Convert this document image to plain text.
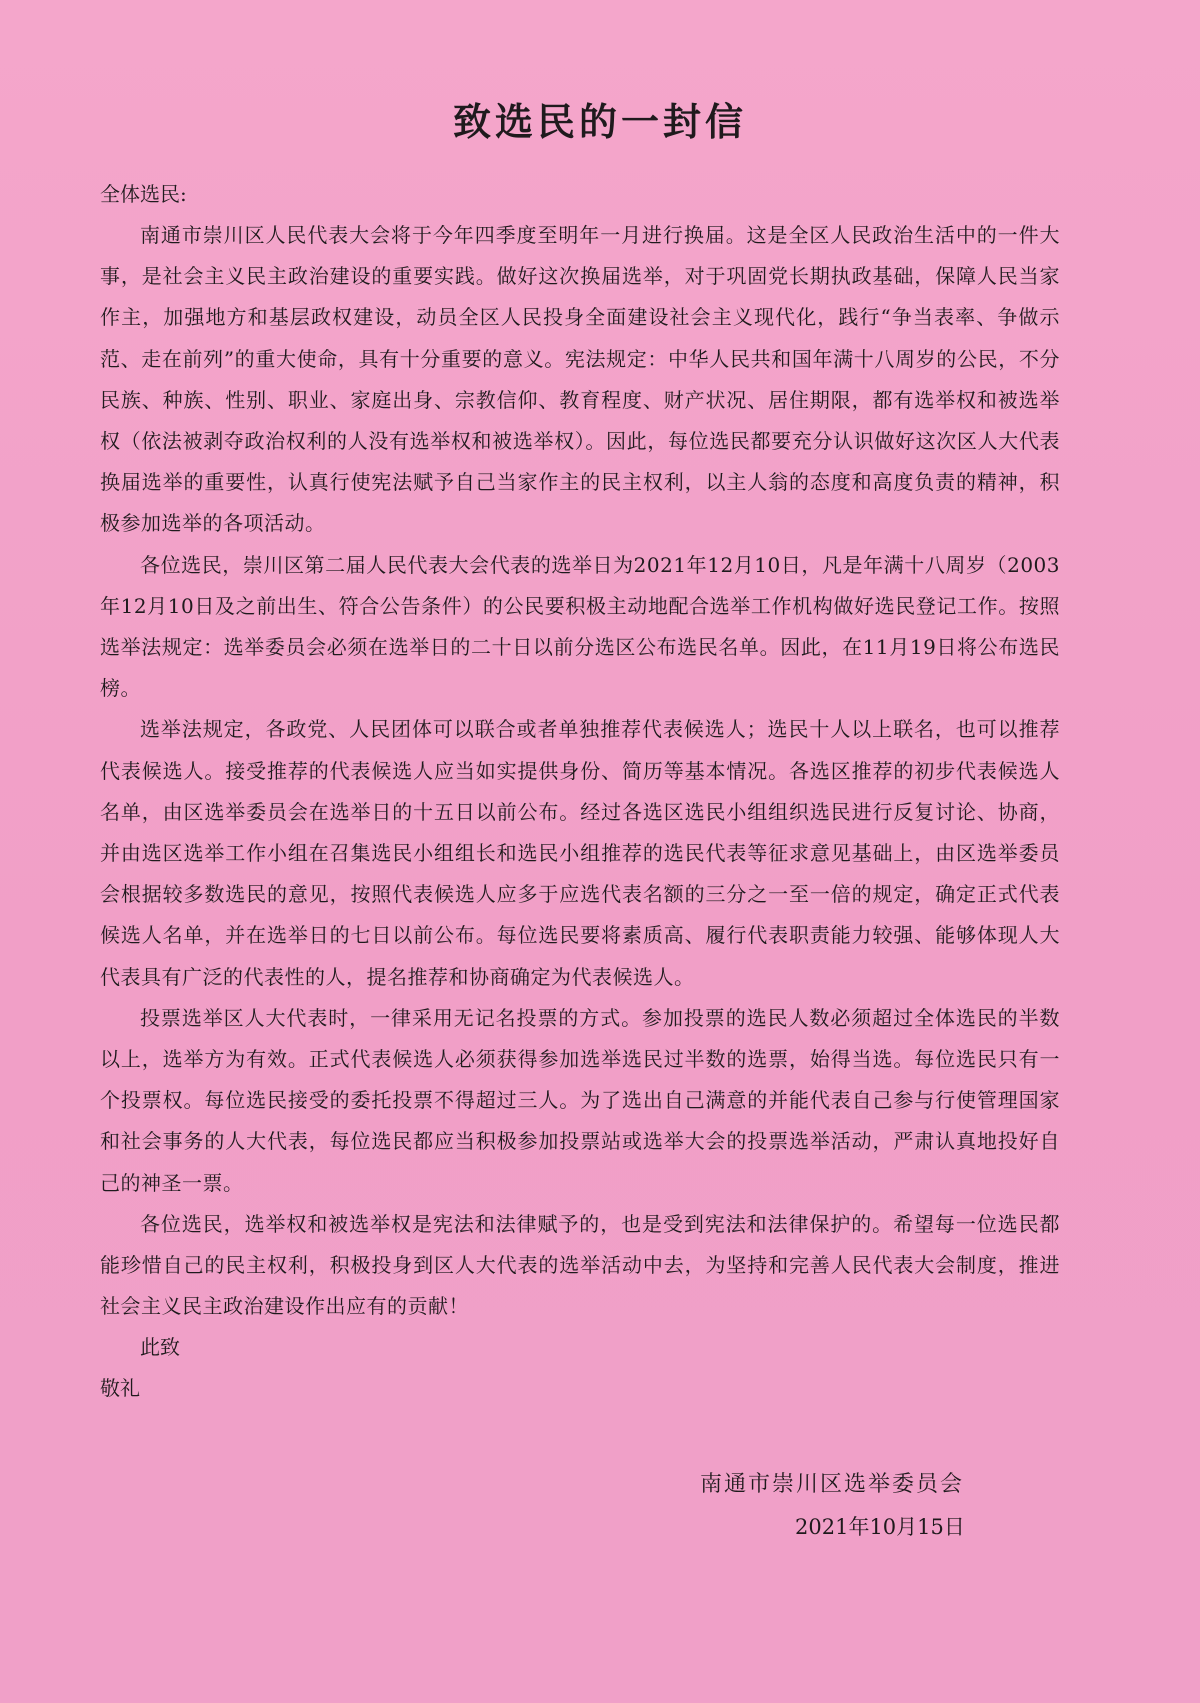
致选民的一封信

全体选民:

南通市崇川区人民代表大会将于今年四季度至明年一月进行换届。这是全区人民政治生活中的一件大事，是社会主义民主政治建设的重要实践。做好这次换届选举，对于巩固党长期执政基础，保障人民当家作主，加强地方和基层政权建设，动员全区人民投身全面建设社会主义现代化，践行“争当表率、争做示范、走在前列”的重大使命，具有十分重要的意义。宪法规定：中华人民共和国年满十八周岁的公民，不分民族、种族、性别、职业、家庭出身、宗教信仰、教育程度、财产状况、居住期限，都有选举权和被选举权（依法被剥夺政治权利的人没有选举权和被选举权）。因此，每位选民都要充分认识做好这次区人大代表换届选举的重要性，认真行使宪法赋予自己当家作主的民主权利，以主人翁的态度和高度负责的精神，积极参加选举的各项活动。

各位选民，崇川区第二届人民代表大会代表的选举日为2021年12月10日，凡是年满十八周岁（2003年12月10日及之前出生、符合公告条件）的公民要积极主动地配合选举工作机构做好选民登记工作。按照选举法规定：选举委员会必须在选举日的二十日以前分选区公布选民名单。因此，在11月19日将公布选民榜。

选举法规定，各政党、人民团体可以联合或者单独推荐代表候选人；选民十人以上联名，也可以推荐代表候选人。接受推荐的代表候选人应当如实提供身份、简历等基本情况。各选区推荐的初步代表候选人名单，由区选举委员会在选举日的十五日以前公布。经过各选区选民小组组织选民进行反复讨论、协商，并由选区选举工作小组在召集选民小组组长和选民小组推荐的选民代表等征求意见基础上，由区选举委员会根据较多数选民的意见，按照代表候选人应多于应选代表名额的三分之一至一倍的规定，确定正式代表候选人名单，并在选举日的七日以前公布。每位选民要将素质高、履行代表职责能力较强、能够体现人大代表具有广泛的代表性的人，提名推荐和协商确定为代表候选人。

投票选举区人大代表时，一律采用无记名投票的方式。参加投票的选民人数必须超过全体选民的半数以上，选举方为有效。正式代表候选人必须获得参加选举选民过半数的选票，始得当选。每位选民只有一个投票权。每位选民接受的委托投票不得超过三人。为了选出自己满意的并能代表自己参与行使管理国家和社会事务的人大代表，每位选民都应当积极参加投票站或选举大会的投票选举活动，严肃认真地投好自己的神圣一票。

各位选民，选举权和被选举权是宪法和法律赋予的，也是受到宪法和法律保护的。希望每一位选民都能珍惜自己的民主权利，积极投身到区人大代表的选举活动中去，为坚持和完善人民代表大会制度，推进社会主义民主政治建设作出应有的贡献！

此致

敬礼

南通市崇川区选举委员会

2021年10月15日
